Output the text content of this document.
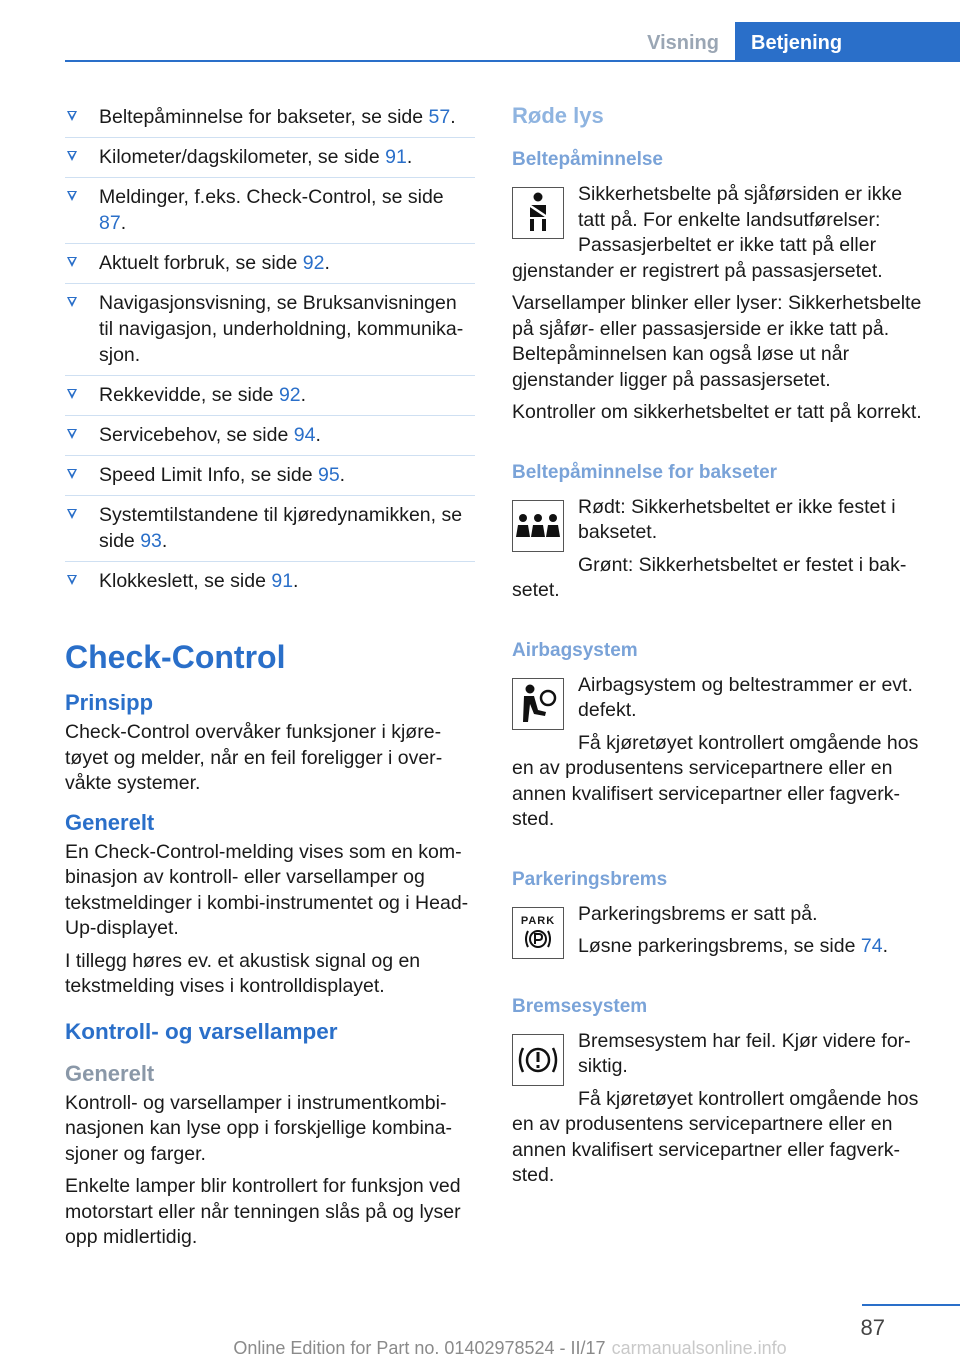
Visning	Betjening
Beltepåminnelse for bakseter, se side 57.
Kilometer/dagskilometer, se side 91.
Meldinger, f.eks. Check-Control, se side 87.
Aktuelt forbruk, se side 92.
Navigasjonsvisning, se Bruksanvisningen til navigasjon, underholdning, kommunikasjon.
Rekkevidde, se side 92.
Servicebehov, se side 94.
Speed Limit Info, se side 95.
Systemtilstandene til kjøredynamikken, se side 93.
Klokkeslett, se side 91.
Check-Control
Prinsipp

Check-Control overvåker funksjoner i kjøretøyet og melder, når en feil foreligger i overvåkte systemer.

Generelt

En Check-Control-melding vises som en kombinasjon av kontroll- eller varsellamper og tekstmeldinger i kombi-instrumentet og i Head-Up-displayet.

I tillegg høres ev. et akustisk signal og en tekstmelding vises i kontrolldisplayet.

Kontroll- og varsellamper
Generelt

Kontroll- og varsellamper i instrumentkombinasjonen kan lyse opp i forskjellige kombinasjoner og farger.

Enkelte lamper blir kontrollert for funksjon ved motorstart eller når tenningen slås på og lyser opp midlertidig.

Røde lys
Beltepåminnelse

Sikkerhetsbelte på sjåførsiden er ikke tatt på. For enkelte landsutførelser: Passasjerbeltet er ikke tatt på eller gjenstander er registrert på passasjersetet.

Varsellamper blinker eller lyser: Sikkerhetsbelte på sjåfør- eller passasjerside er ikke tatt på. Beltepåminnelsen kan også løse ut når gjenstander ligger på passasjersetet.

Kontroller om sikkerhetsbeltet er tatt på korrekt.

Beltepåminnelse for bakseter

Rødt: Sikkerhetsbeltet er ikke festet i baksetet.

Grønt: Sikkerhetsbeltet er festet i baksetet.

Airbagsystem

Airbagsystem og beltestrammer er evt. defekt.

Få kjøretøyet kontrollert omgående hos en av produsentens servicepartnere eller en annen kvalifisert servicepartner eller fagverksted.

Parkeringsbrems
PARK	Parkeringsbrems er satt på.

Løsne parkeringsbrems, se side 74.

Bremsesystem

Bremsesystem har feil. Kjør videre forsiktig.

Få kjøretøyet kontrollert omgående hos en av produsentens servicepartnere eller en annen kvalifisert servicepartner eller fagverksted.

87
Online Edition for Part no. 01402978524 - II/17 carmanualsonline.info
